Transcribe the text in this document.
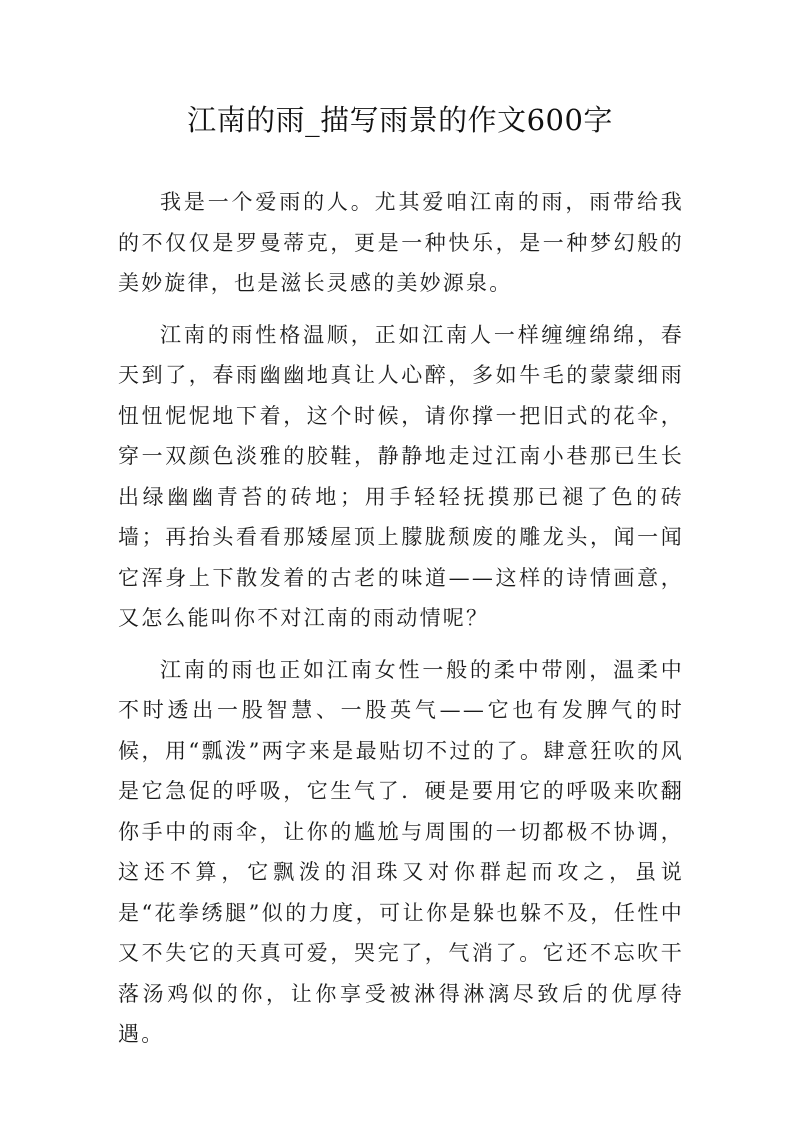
江南的雨_描写雨景的作文600字

我是一个爱雨的人。尤其爱咱江南的雨，雨带给我的不仅仅是罗曼蒂克，更是一种快乐，是一种梦幻般的美妙旋律，也是滋长灵感的美妙源泉。

江南的雨性格温顺，正如江南人一样缠缠绵绵，春天到了，春雨幽幽地真让人心醉，多如牛毛的蒙蒙细雨忸忸怩怩地下着，这个时候，请你撑一把旧式的花伞，穿一双颜色淡雅的胶鞋，静静地走过江南小巷那已生长出绿幽幽青苔的砖地；用手轻轻抚摸那已褪了色的砖墙；再抬头看看那矮屋顶上朦胧颓废的雕龙头，闻一闻它浑身上下散发着的古老的味道——这样的诗情画意，又怎么能叫你不对江南的雨动情呢？

江南的雨也正如江南女性一般的柔中带刚，温柔中不时透出一股智慧、一股英气——它也有发脾气的时候，用“瓢泼”两字来是最贴切不过的了。肆意狂吹的风是它急促的呼吸，它生气了．硬是要用它的呼吸来吹翻你手中的雨伞，让你的尴尬与周围的一切都极不协调，这还不算，它飘泼的泪珠又对你群起而攻之，虽说是“花拳绣腿”似的力度，可让你是躲也躲不及，任性中又不失它的天真可爱，哭完了，气消了。它还不忘吹干落汤鸡似的你，让你享受被淋得淋漓尽致后的优厚待遇。
